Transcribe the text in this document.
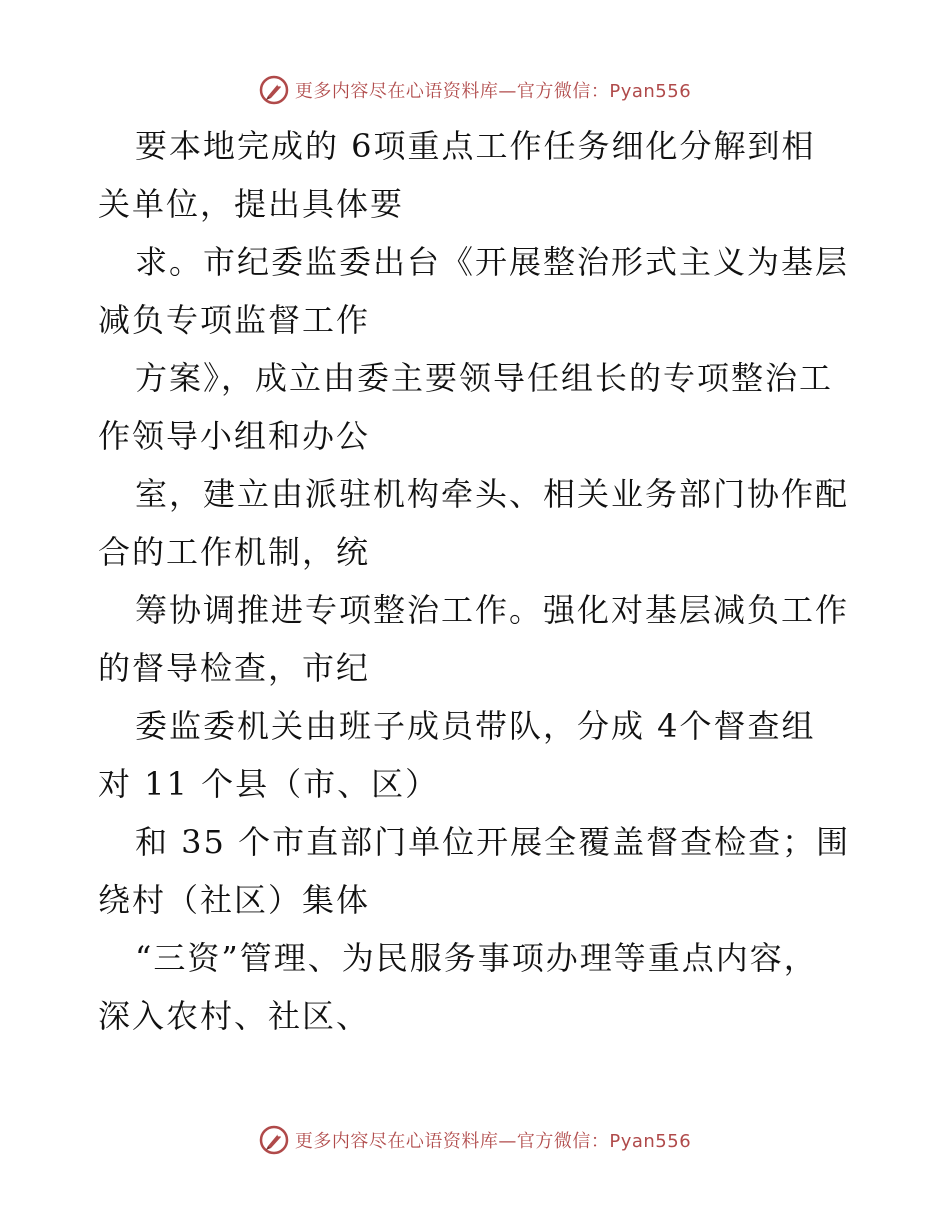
更多内容尽在心语资料库—官方微信：Pyan556
要本地完成的 6项重点工作任务细化分解到相
关单位，提出具体要
求。市纪委监委出台《开展整治形式主义为基层
减负专项监督工作
方案》，成立由委主要领导任组长的专项整治工
作领导小组和办公
室，建立由派驻机构牵头、相关业务部门协作配
合的工作机制，统
筹协调推进专项整治工作。强化对基层减负工作
的督导检查，市纪
委监委机关由班子成员带队，分成 4个督查组
对 11 个县（市、区）
和 35 个市直部门单位开展全覆盖督查检查；围
绕村（社区）集体
“三资”管理、为民服务事项办理等重点内容，
深入农村、社区、
更多内容尽在心语资料库—官方微信：Pyan556
